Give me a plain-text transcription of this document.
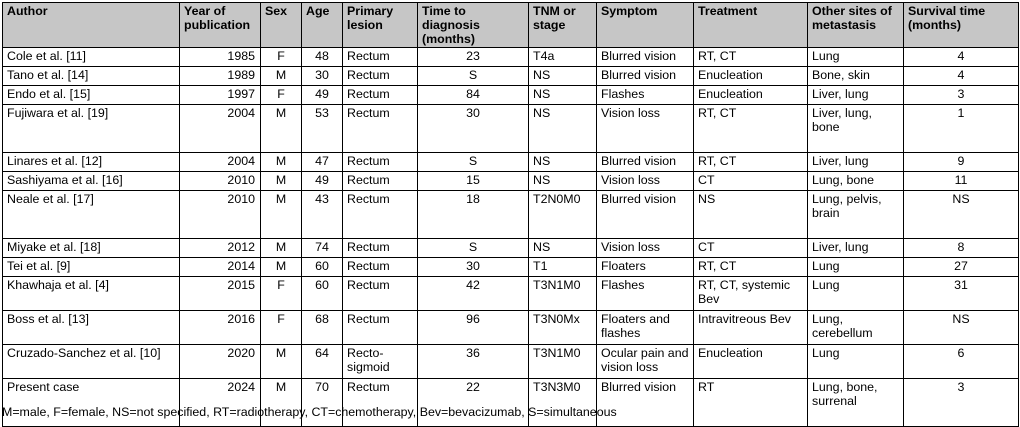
Author	Year of publication	Sex	Age	Primary lesion	Time to diagnosis (months)	TNM or stage	Symptom	Treatment	Other sites of metastasis	Survival time (months)
Cole et al. [11]	1985	F	48	Rectum	23	T4a	Blurred vision	RT, CT	Lung	4
Tano et al. [14]	1989	M	30	Rectum	S	NS	Blurred vision	Enucleation	Bone, skin	4
Endo et al. [15]	1997	F	49	Rectum	84	NS	Flashes	Enucleation	Liver, lung	3
Fujiwara et al. [19]	2004	M	53	Rectum	30	NS	Vision loss	RT, CT	Liver, lung, bone	1
Linares et al. [12]	2004	M	47	Rectum	S	NS	Blurred vision	RT, CT	Liver, lung	9
Sashiyama et al. [16]	2010	M	49	Rectum	15	NS	Vision loss	CT	Lung, bone	11
Neale et al. [17]	2010	M	43	Rectum	18	T2N0M0	Blurred vision	NS	Lung, pelvis, brain	NS
Miyake et al. [18]	2012	M	74	Rectum	S	NS	Vision loss	CT	Liver, lung	8
Tei et al. [9]	2014	M	60	Rectum	30	T1	Floaters	RT, CT	Lung	27
Khawhaja et al. [4]	2015	F	60	Rectum	42	T3N1M0	Flashes	RT, CT, systemic Bev	Lung	31
Boss et al. [13]	2016	F	68	Rectum	96	T3N0Mx	Floaters and flashes	Intravitreous Bev	Lung, cerebellum	NS
Cruzado-Sanchez et al. [10]	2020	M	64	Recto-sigmoid	36	T3N1M0	Ocular pain and vision loss	Enucleation	Lung	6
Present case	2024	M	70	Rectum	22	T3N3M0	Blurred vision	RT	Lung, bone, surrenal	3
M=male, F=female, NS=not specified, RT=radiotherapy, CT=chemotherapy, Bev=bevacizumab, S=simultaneous
